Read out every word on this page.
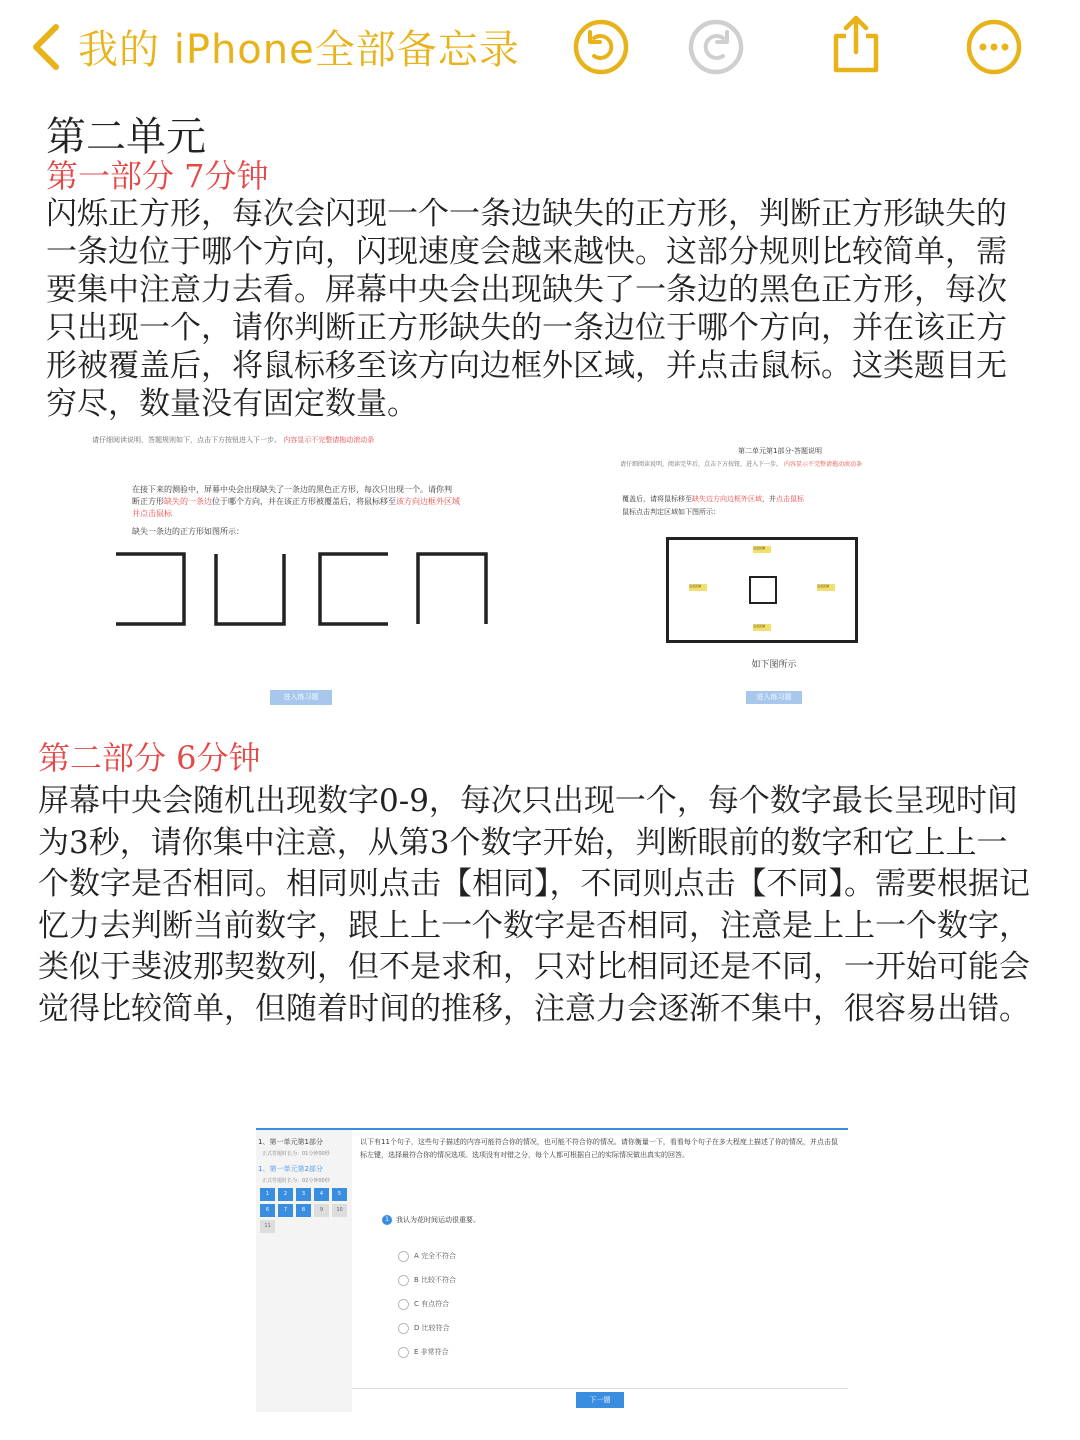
我的 iPhone全部备忘录
第二单元
第一部分 7分钟

闪烁正方形，每次会闪现一个一条边缺失的正方形，判断正方形缺失的一条边位于哪个方向，闪现速度会越来越快。这部分规则比较简单，需要集中注意力去看。屏幕中央会出现缺失了一条边的黑色正方形，每次只出现一个，请你判断正方形缺失的一条边位于哪个方向，并在该正方形被覆盖后，将鼠标移至该方向边框外区域，并点击鼠标。这类题目无穷尽，数量没有固定数量。

请仔细阅读说明，答题规则如下，点击下方按钮进入下一步。 内容显示不完整请拖动滚动条
在接下来的测验中，屏幕中央会出现缺失了一条边的黑色正方形，每次只出现一个。请你判
断正方形缺失的一条边位于哪个方向，并在该正方形被覆盖后，将鼠标移至该方向边框外区域
并点击鼠标
缺失一条边的正方形如图所示：
进入练习题
第二单元第1部分-答题说明
请仔细阅读说明，阅读完毕后，点击下方按钮，进入下一步。 内容显示不完整请拖动滚动条
覆盖后，请将鼠标移至缺失边方向边框外区域，并点击鼠标
鼠标点击判定区域如下图所示：
点击区域
点击区域
点击区域	点击区域
如下图所示
进入练习题
第二部分 6分钟

屏幕中央会随机出现数字0-9，每次只出现一个，每个数字最长呈现时间为3秒，请你集中注意，从第3个数字开始，判断眼前的数字和它上上一个数字是否相同。相同则点击【相同】，不同则点击【不同】。需要根据记忆力去判断当前数字，跟上上一个数字是否相同，注意是上上一个数字，类似于斐波那契数列，但不是求和，只对比相同还是不同，一开始可能会觉得比较简单，但随着时间的推移，注意力会逐渐不集中，很容易出错。

1、第一单元第1部分
正式答题时长为：01分钟00秒
1、第一单元第2部分
正式答题时长为：02分钟00秒
1	2	3	4	5
6	7	8	9	10
11
以下有11个句子，这些句子描述的内容可能符合你的情况，也可能不符合你的情况。请你衡量一下，看看每个句子在多大程度上描述了你的情况，并点击鼠标左键，选择最符合你的情况选项。选项没有对错之分，每个人都可根据自己的实际情况做出真实的回答。
1	我认为花时间运动很重要。
A 完全不符合
B 比较不符合
C 有点符合
D 比较符合
E 非常符合
下一题
